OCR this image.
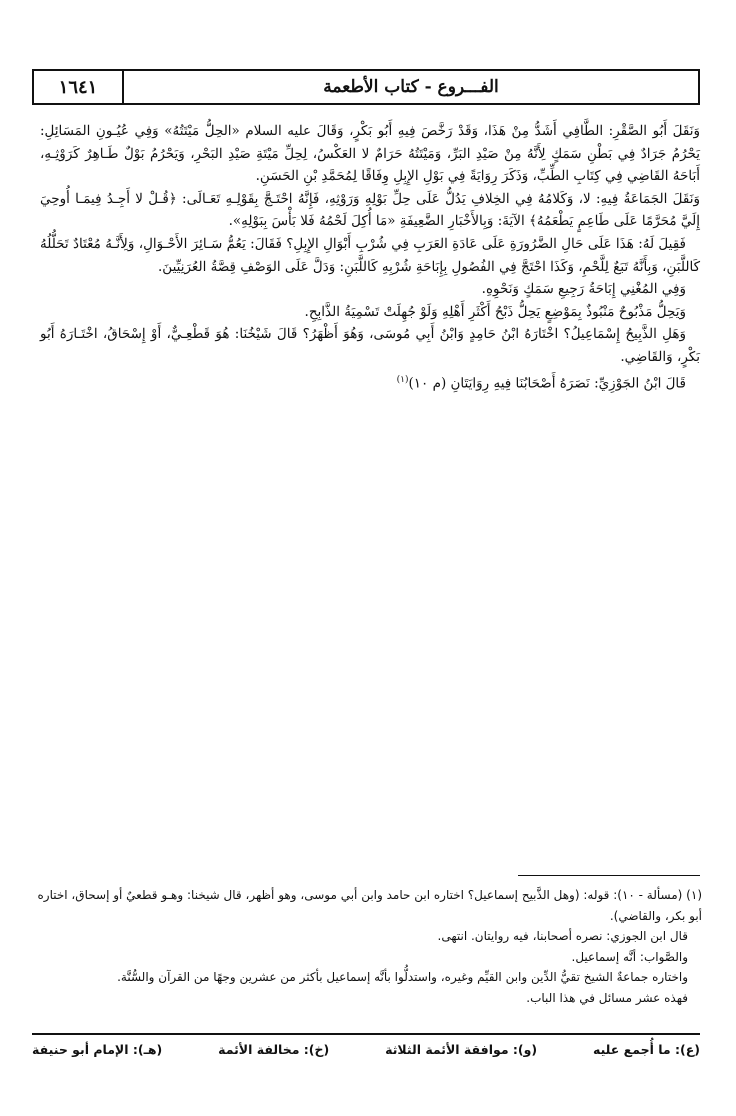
١٦٤١	الفـــروع - كتاب الأطعمة

وَنَقَلَ أَبُو الصَّقْرِ: الطَّافِي أَشَدُّ مِنْ هَذَا، وَقَدْ رَخَّصَ فِيهِ أَبُو بَكْرٍ، وَقَالَ عليه السلام «الحِلُّ مَيْتَتُهُ» وَفِي عُيُـونِ المَسَائِلِ: يَحْرُمُ جَرَادٌ فِي بَطْنِ سَمَكٍ لِأَنَّهُ مِنْ صَيْدِ البَرِّ، وَمَيْتَتُهُ حَرَامٌ لا العَكْسُ، لِحِلِّ مَيْتَةِ صَيْدِ البَحْرِ، وَيَحْرُمُ بَوْلٌ طَـاهِرٌ كَرَوْثِـهِ، أَبَاحَهُ القَاضِي فِي كِتَابِ الطِّبِّ، وَذَكَرَ رِوَايَةً فِي بَوْلِ الإِبِلِ وِفَاقًا لِمُحَمَّدِ بْنِ الحَسَنِ.

وَنَقَلَ الجَمَاعَةُ فِيهِ: لا، وَكَلامُهُ فِي الخِلافِ يَدُلُّ عَلَى حِلِّ بَوْلِهِ وَرَوْثِهِ، فَإِنَّهُ احْتَـجَّ بِقَوْلِـهِ تَعَـالَى: ﴿قُـلْ لا أَجِـدُ فِيمَـا أُوحِيَ إِلَيَّ مُحَرَّمًا عَلَى طَاعِمٍ يَطْعَمُهُ﴾ الآيَةَ: وَبِالأَخْبَارِ الضَّعِيفَةِ «مَا أُكِلَ لَحْمُهُ فَلا بَأْسَ بِبَوْلِهِ».

فَقِيلَ لَهُ: هَذَا عَلَى حَالِ الضَّرُورَةِ عَلَى عَادَةِ العَرَبِ فِي شُرْبِ أَبْوَالِ الإِبِلِ؟ فَقَالَ: يَعُمُّ سَـائِرَ الأَحْـوَالِ، وَلِأَنَّـهُ مُعْتَادٌ تَحَلُّلُهُ كَاللَّبَنِ، وَبِأَنَّهُ تَبَعٌ لِلَّحْمِ، وَكَذَا احْتَجَّ فِي الفُصُولِ بِإِبَاحَةِ شُرْبِهِ كَاللَّبَنِ: وَدَلَّ عَلَى الوَصْفِ قِصَّةُ العُرَنِيِّينَ.

وَفِي المُغْنِي إِبَاحَةُ رَجِيعِ سَمَكٍ وَنَحْوِهِ.

وَيَحِلُّ مَذْبُوحٌ مَنْبُوذٌ بِمَوْضِعٍ يَحِلُّ ذَبْحُ أَكْثَرِ أَهْلِهِ وَلَوْ جُهِلَتْ تَسْمِيَةُ الذَّابِحِ.

وَهَلِ الذَّبِيحُ إِسْمَاعِيلُ؟ اخْتَارَهُ ابْنُ حَامِدٍ وَابْنُ أَبِي مُوسَى، وَهُوَ أَظْهَرُ؟ قَالَ شَيْخُنَا: هُوَ قَطْعِـيٌّ، أَوْ إِسْحَاقُ، اخْتَـارَهُ أَبُو بَكْرٍ، وَالقَاضِي.

قَالَ ابْنُ الجَوْزِيِّ: نَصَرَهُ أَصْحَابُنَا فِيهِ رِوَايَتَانِ (م ١٠)$^{(١)}$

(١) (مسألة - ١٠): قوله: (وهل الذَّبيح إسماعيل؟ اختاره ابن حامد وابن أبي موسى، وهو أظهر، قال شيخنا: وهـو قطعيٌ أو إسحاق، اختاره أبو بكر، والقاضي).

قال ابن الجوزي: نصره أصحابنا، فيه روايتان. انتهى.

والصَّواب: أنَّه إسماعيل.

واختاره جماعةٌ الشيخ تقيُّ الدِّين وابن القيِّم وغيره، واستدلُّوا بأنَّه إسماعيل بأكثر من عشرين وجهًا من القرآن والسُّنَّة.

فهذه عشر مسائل في هذا الباب.

(ع): ما أُجمع عليه
(و): موافقة الأئمة الثلاثة
(خ): مخالفة الأئمة
(هـ): الإمام أبو حنيفة
